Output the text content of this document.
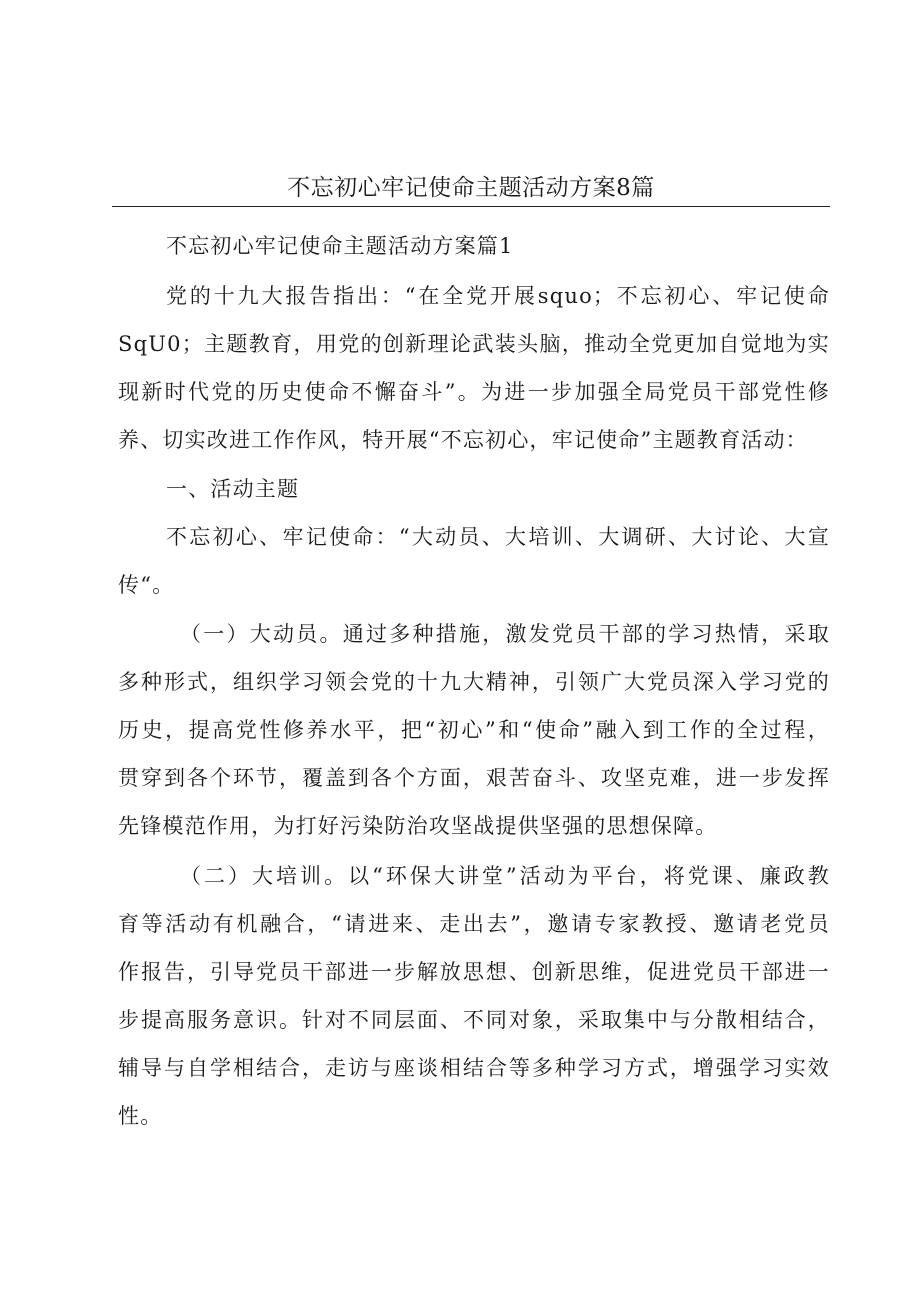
不忘初心牢记使命主题活动方案8篇
不忘初心牢记使命主题活动方案篇1
党的十九大报告指出：“在全党开展squo；不忘初心、牢记使命
SqU0；主题教育，用党的创新理论武装头脑，推动全党更加自觉地为实
现新时代党的历史使命不懈奋斗”。为进一步加强全局党员干部党性修
养、切实改进工作作风，特开展“不忘初心，牢记使命”主题教育活动：
一、活动主题
不忘初心、牢记使命：“大动员、大培训、大调研、大讨论、大宣
传“。
（一）大动员。通过多种措施，激发党员干部的学习热情，采取
多种形式，组织学习领会党的十九大精神，引领广大党员深入学习党的
历史，提高党性修养水平，把“初心”和“使命”融入到工作的全过程，
贯穿到各个环节，覆盖到各个方面，艰苦奋斗、攻坚克难，进一步发挥
先锋模范作用，为打好污染防治攻坚战提供坚强的思想保障。
（二）大培训。以“环保大讲堂”活动为平台，将党课、廉政教
育等活动有机融合，“请进来、走出去”，邀请专家教授、邀请老党员
作报告，引导党员干部进一步解放思想、创新思维，促进党员干部进一
步提高服务意识。针对不同层面、不同对象，采取集中与分散相结合，
辅导与自学相结合，走访与座谈相结合等多种学习方式，增强学习实效
性。
